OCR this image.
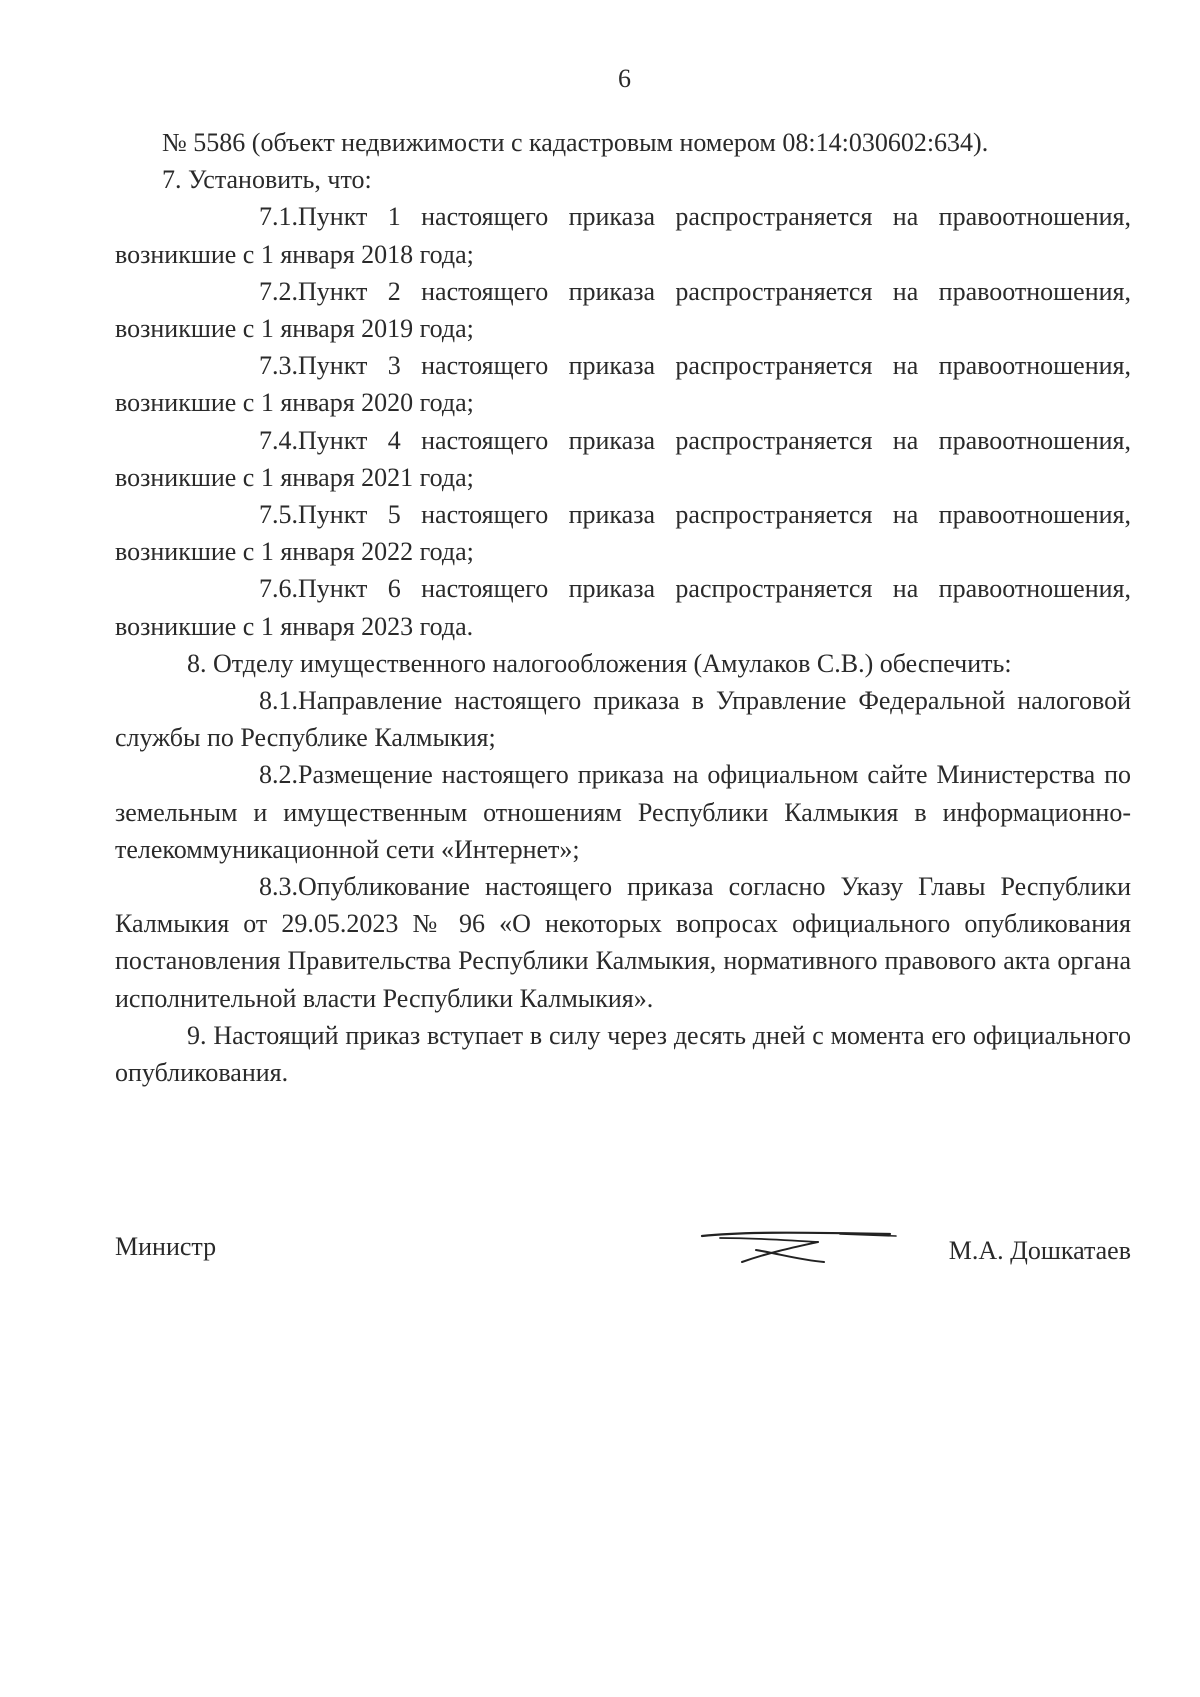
6

№ 5586 (объект недвижимости с кадастровым номером 08:14:030602:634).

7. Установить, что:

7.1.Пункт 1 настоящего приказа распространяется на правоотношения, возникшие с 1 января 2018 года;

7.2.Пункт 2 настоящего приказа распространяется на правоотношения, возникшие с 1 января 2019 года;

7.3.Пункт 3 настоящего приказа распространяется на правоотношения, возникшие с 1 января 2020 года;

7.4.Пункт 4 настоящего приказа распространяется на правоотношения, возникшие с 1 января 2021 года;

7.5.Пункт 5 настоящего приказа распространяется на правоотношения, возникшие с 1 января 2022 года;

7.6.Пункт 6 настоящего приказа распространяется на правоотношения, возникшие с 1 января 2023 года.

8. Отделу имущественного налогообложения (Амулаков С.В.) обеспечить:

8.1.Направление настоящего приказа в Управление Федеральной налоговой службы по Республике Калмыкия;

8.2.Размещение настоящего приказа на официальном сайте Министерства по земельным и имущественным отношениям Республики Калмыкия в информационно-телекоммуникационной сети «Интернет»;

8.3.Опубликование настоящего приказа согласно Указу Главы Республики Калмыкия от 29.05.2023 № 96 «О некоторых вопросах официального опубликования постановления Правительства Республики Калмыкия, нормативного правового акта органа исполнительной власти Республики Калмыкия».

9. Настоящий приказ вступает в силу через десять дней с момента его официального опубликования.

Министр	М.А. Дошкатаев
